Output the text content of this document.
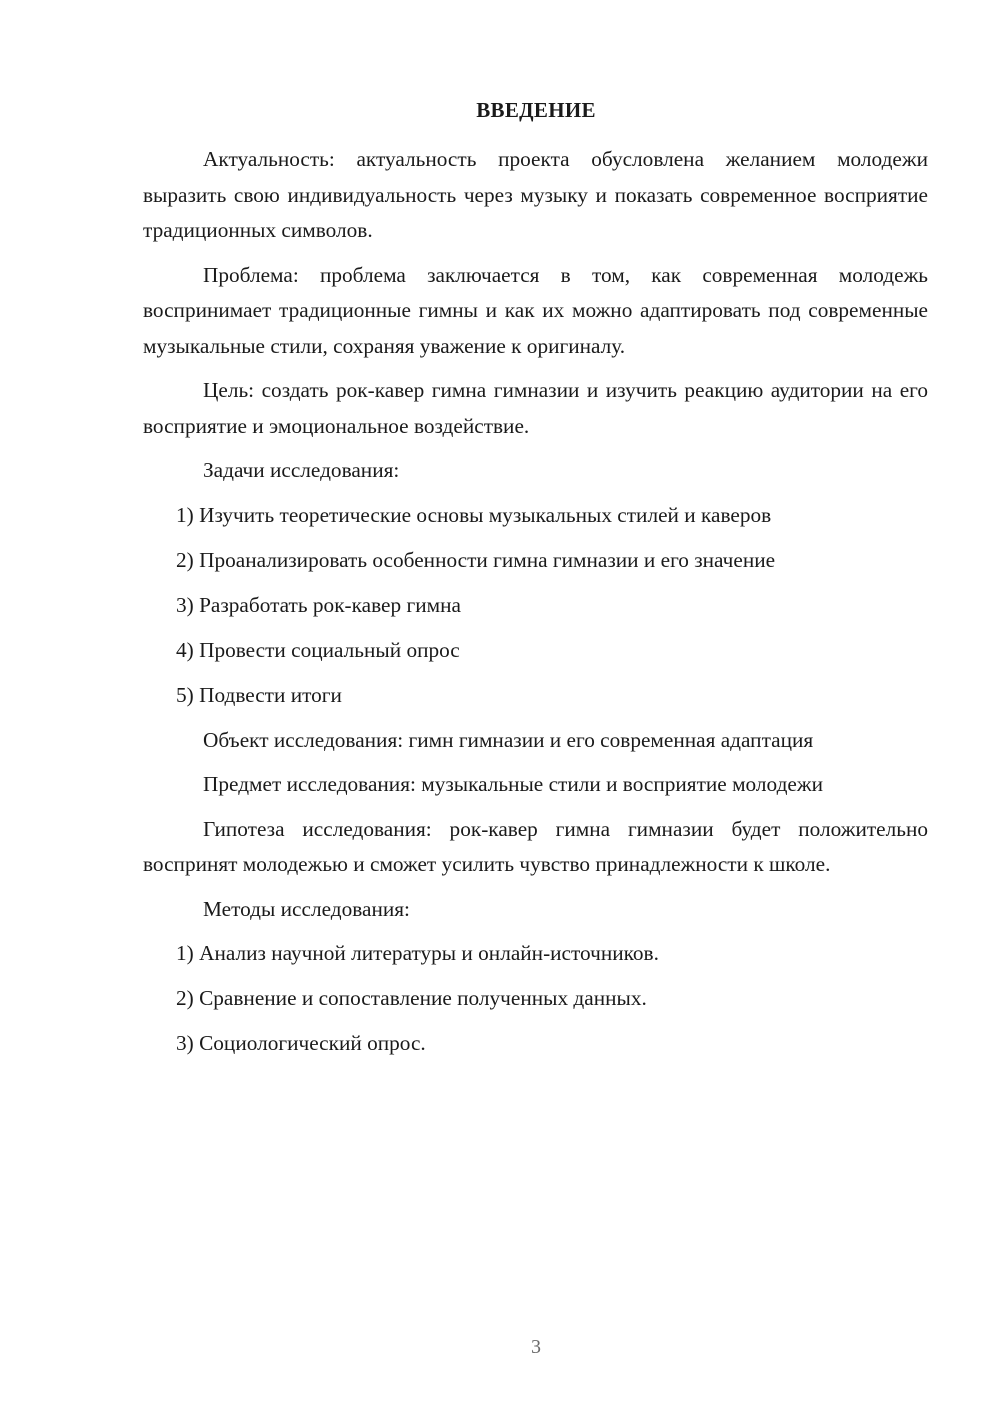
ВВЕДЕНИЕ

Актуальность: актуальность проекта обусловлена желанием молодежи выразить свою индивидуальность через музыку и показать современное восприятие традиционных символов.

Проблема: проблема заключается в том, как современная молодежь воспринимает традиционные гимны и как их можно адаптировать под современные музыкальные стили, сохраняя уважение к оригиналу.

Цель: создать рок-кавер гимна гимназии и изучить реакцию аудитории на его восприятие и эмоциональное воздействие.

Задачи исследования:

1) Изучить теоретические основы музыкальных стилей и каверов

2) Проанализировать особенности гимна гимназии и его значение

3) Разработать рок-кавер гимна

4) Провести социальный опрос

5) Подвести итоги

Объект исследования: гимн гимназии и его современная адаптация

Предмет исследования: музыкальные стили и восприятие молодежи

Гипотеза исследования: рок-кавер гимна гимназии будет положительно воспринят молодежью и сможет усилить чувство принадлежности к школе.

Методы исследования:

1) Анализ научной литературы и онлайн-источников.

2) Сравнение и сопоставление полученных данных.

3) Социологический опрос.

3
